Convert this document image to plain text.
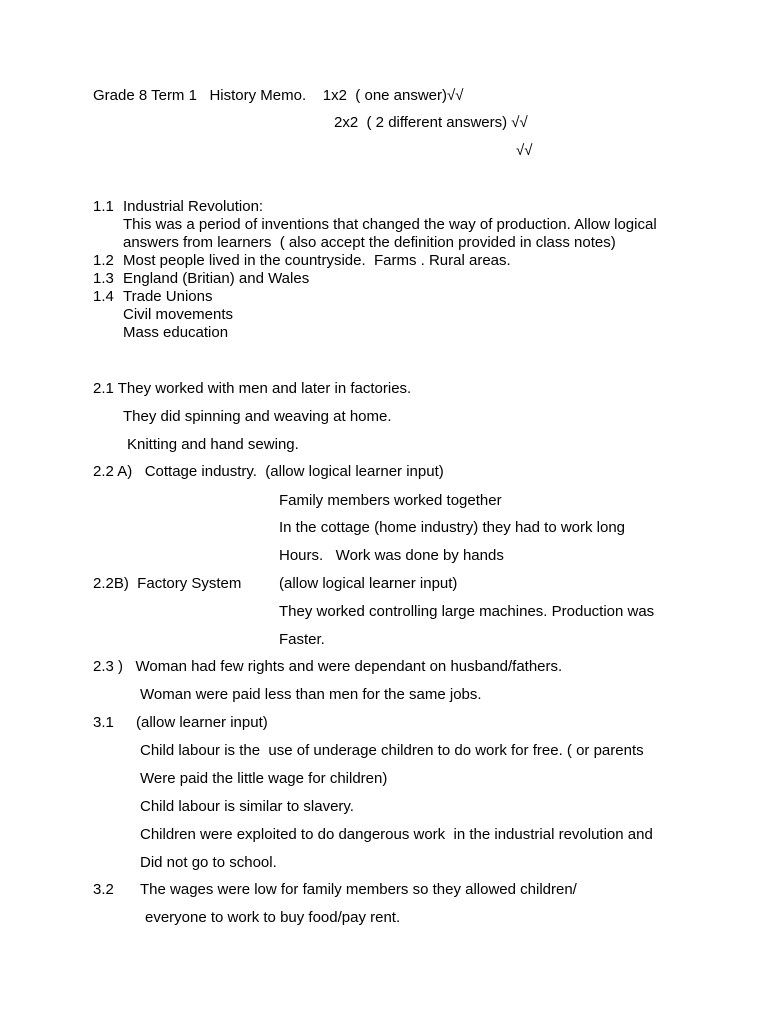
Grade 8 Term 1   History Memo.    1x2  ( one answer)√√
2x2  ( 2 different answers) √√
√√
1.1 Industrial Revolution:
This was a period of inventions that changed the way of production. Allow logical
answers from learners  ( also accept the definition provided in class notes)
1.2 Most people lived in the countryside.  Farms . Rural areas.
1.3 England (Britian) and Wales
1.4 Trade Unions
Civil movements
Mass education
2.1 They worked with men and later in factories.
They did spinning and weaving at home.
Knitting and hand sewing.
2.2 A)   Cottage industry.  (allow logical learner input)
Family members worked together
In the cottage (home industry) they had to work long
Hours.   Work was done by hands
2.2B)  Factory System	(allow logical learner input)
They worked controlling large machines. Production was
Faster.
2.3 )   Woman had few rights and were dependant on husband/fathers.
Woman were paid less than men for the same jobs.
3.1 (allow learner input)
Child labour is the  use of underage children to do work for free. ( or parents
Were paid the little wage for children)
Child labour is similar to slavery.
Children were exploited to do dangerous work  in the industrial revolution and
Did not go to school.
3.2 The wages were low for family members so they allowed children/
everyone to work to buy food/pay rent.
